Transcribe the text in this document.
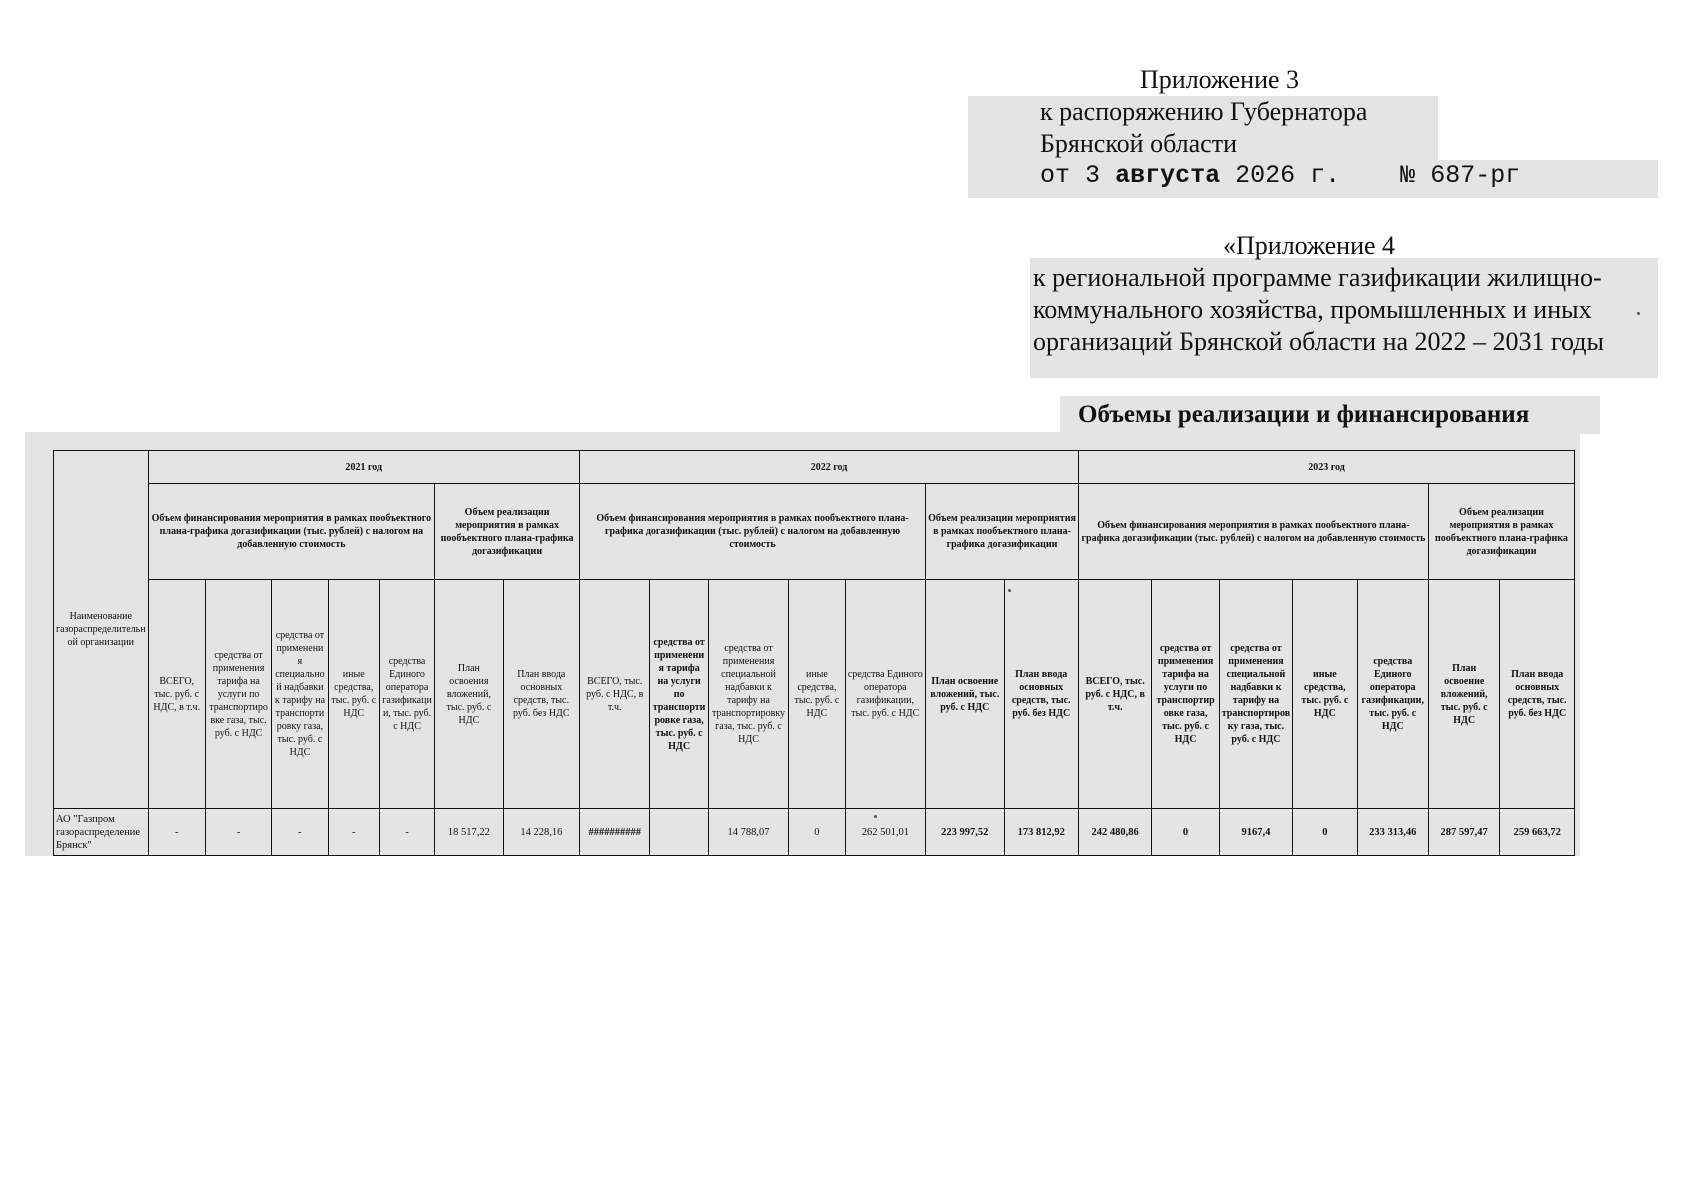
Приложение 3
к распоряжению Губернатора
Брянской области
от 3 августа 2026 г. № 687-рг
«Приложение 4
к региональной программе газификации жилищно-
коммунального хозяйства, промышленных и иных
организаций Брянской области на 2022 – 2031 годы
Объемы реализации и финансирования
Наименование газораспределительной организации	2021 год							2022 год							2023 год						
	Объем финансирования мероприятия в рамках пообъектного плана-графика догазификации (тыс. рублей) с налогом на добавленную стоимость					Объем реализации мероприятия в рамках пообъектного плана-графика догазификации		Объем финансирования мероприятия в рамках пообъектного плана-графика догазификации (тыс. рублей) с налогом на добавленную стоимость					Объем реализации мероприятия в рамках пообъектного плана-графика догазификации		Объем финансирования мероприятия в рамках пообъектного плана-графика догазификации (тыс. рублей) с налогом на добавленную стоимость					Объем реализации мероприятия в рамках пообъектного плана-графика догазификации	
	ВСЕГО, тыс. руб. с НДС, в т.ч.	средства от применения тарифа на услуги по транспортировке газа, тыс. руб. с НДС	средства от применения специальной надбавки к тарифу на транспортировку газа, тыс. руб. с НДС	иные средства, тыс. руб. с НДС	средства Единого оператора газификации, тыс. руб. с НДС	План освоения вложений, тыс. руб. с НДС	План ввода основных средств, тыс. руб. без НДС	ВСЕГО, тыс. руб. с НДС, в т.ч.	средства от применения тарифа на услуги по транспортировке газа, тыс. руб. с НДС	средства от применения специальной надбавки к тарифу на транспортировку газа, тыс. руб. с НДС	иные средства, тыс. руб. с НДС	средства Единого оператора газификации, тыс. руб. с НДС	План освоение вложений, тыс. руб. с НДС	План ввода основных средств, тыс. руб. без НДС	ВСЕГО, тыс. руб. с НДС, в т.ч.	средства от применения тарифа на услуги по транспортировке газа, тыс. руб. с НДС	средства от применения специальной надбавки к тарифу на транспортировку газа, тыс. руб. с НДС	иные средства, тыс. руб. с НДС	средства Единого оператора газификации, тыс. руб. с НДС	План освоение вложений, тыс. руб. с НДС	План ввода основных средств, тыс. руб. без НДС
АО "Газпром газораспределение Брянск"	-	-	-	-	-	18 517,22	14 228,16	##########		14 788,07	0	262 501,01	223 997,52	173 812,92	242 480,86	0	9167,4	0	233 313,46	287 597,47	259 663,72
